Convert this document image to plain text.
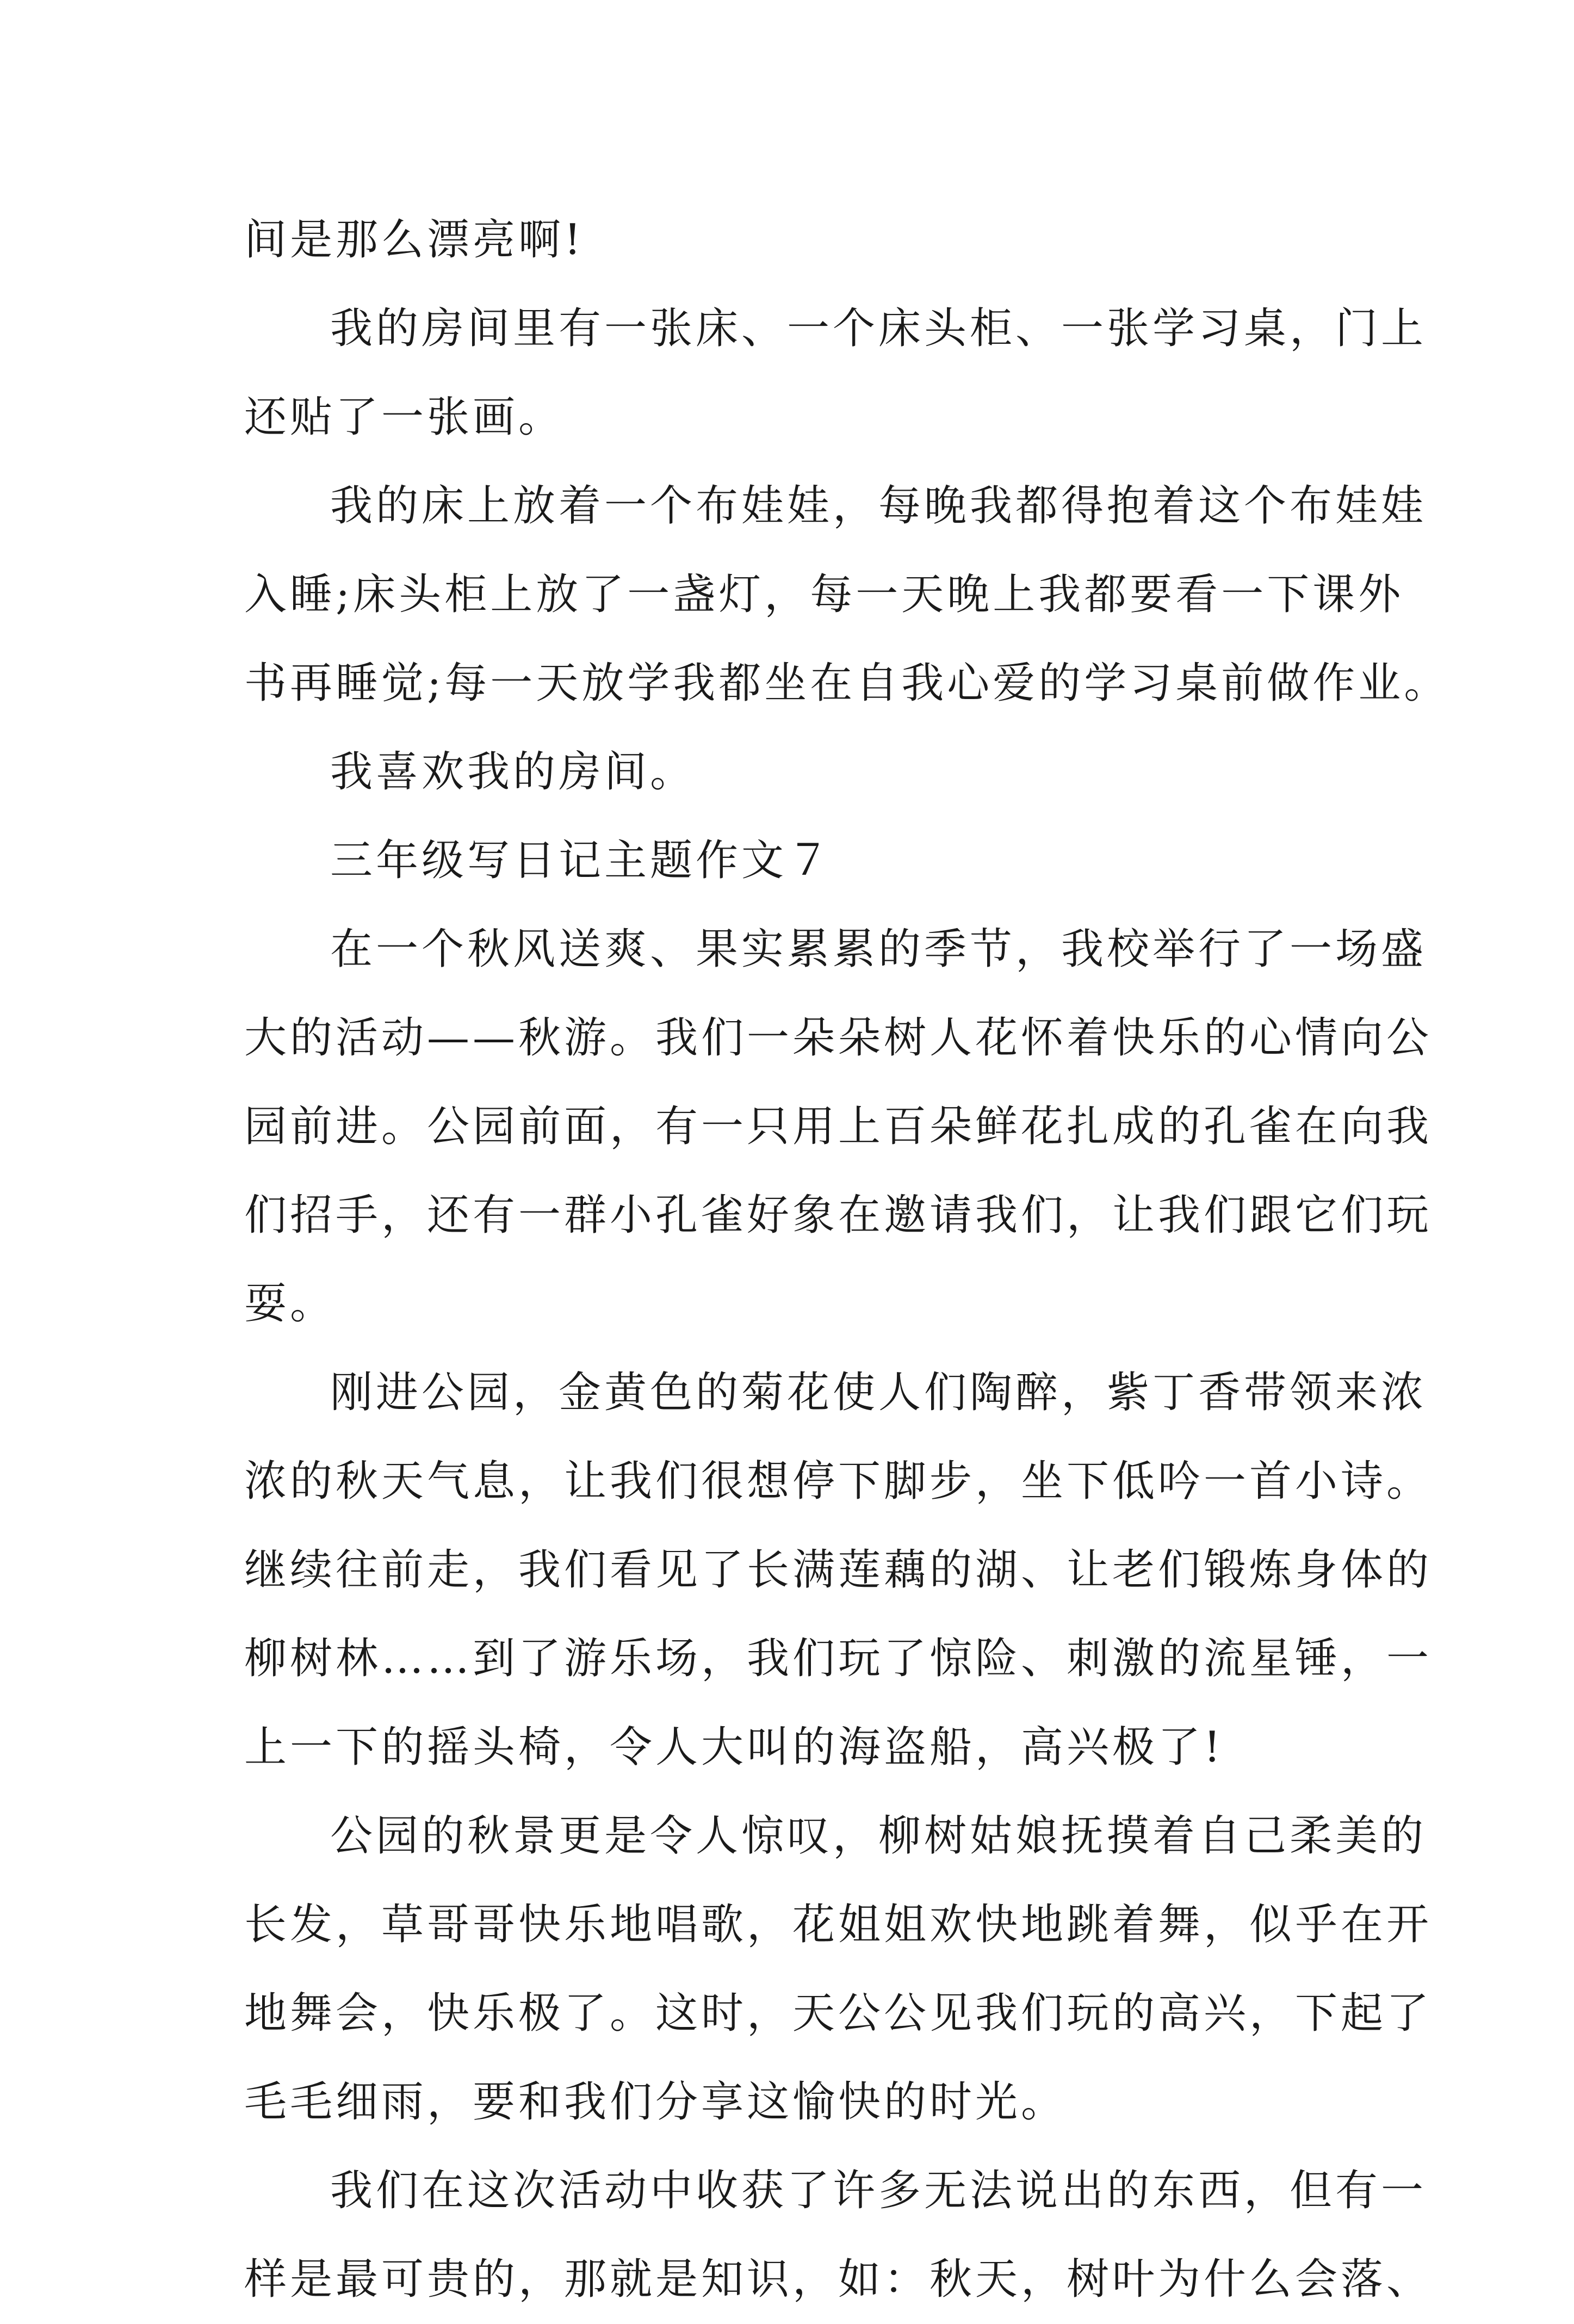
间是那么漂亮啊!
我的房间里有一张床、一个床头柜、一张学习桌，门上
还贴了一张画。
我的床上放着一个布娃娃，每晚我都得抱着这个布娃娃
入睡;床头柜上放了一盏灯，每一天晚上我都要看一下课外
书再睡觉;每一天放学我都坐在自我心爱的学习桌前做作业。
我喜欢我的房间。
三年级写日记主题作文７
在一个秋风送爽、果实累累的季节，我校举行了一场盛
大的活动——秋游。我们一朵朵树人花怀着快乐的心情向公
园前进。公园前面，有一只用上百朵鲜花扎成的孔雀在向我
们招手，还有一群小孔雀好象在邀请我们，让我们跟它们玩
耍。
刚进公园，金黄色的菊花使人们陶醉，紫丁香带领来浓
浓的秋天气息，让我们很想停下脚步，坐下低吟一首小诗。
继续往前走，我们看见了长满莲藕的湖、让老们锻炼身体的
柳树林……到了游乐场，我们玩了惊险、刺激的流星锤，一
上一下的摇头椅，令人大叫的海盗船，高兴极了!
公园的秋景更是令人惊叹，柳树姑娘抚摸着自己柔美的
长发，草哥哥快乐地唱歌，花姐姐欢快地跳着舞，似乎在开
地舞会，快乐极了。这时，天公公见我们玩的高兴，下起了
毛毛细雨，要和我们分享这愉快的时光。
我们在这次活动中收获了许多无法说出的东西，但有一
样是最可贵的，那就是知识，如：秋天，树叶为什么会落、
